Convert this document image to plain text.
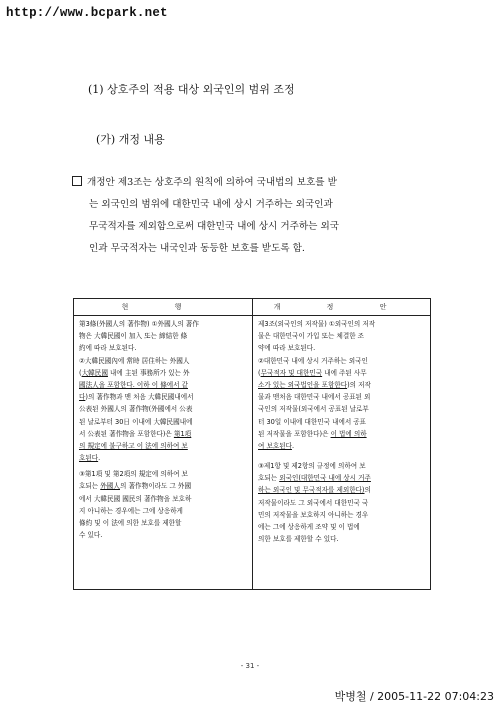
http://www.bcpark.net
(1) 상호주의 적용 대상 외국인의 범위 조정
(가) 개정 내용
개정안 제3조는 상호주의 원칙에 의하여 국내법의 보호를 받
는 외국인의 범위에 대한민국 내에 상시 거주하는 외국인과
무국적자를 제외함으로써 대한민국 내에 상시 거주하는 외국
인과 무국적자는 내국인과 동등한 보호를 받도록 함.
현 행	개 정 안
第3條(外國人의 著作物) ①外國人의 著作
物은 大韓民國이 加入 또는 締結한 條
約에 따라 보호된다.
②大韓民國內에 常時 居住하는 外國人
(大韓民國 내에 主된 事務所가 있는 外
國法人을 포함한다. 이하 이 條에서 같
다)의 著作物과 맨 처음 大韓民國내에서
公表된 外國人의 著作物(外國에서 公表
된 날로부터 30日 이내에 大韓民國내에
서 公表된 著作物을 포함한다)은 第1項
의 規定에 불구하고 이 法에 의하여 보
호된다.
③第1項 및 第2項의 規定에 의하여 보
호되는 外國人의 著作物이라도 그 外國
에서 大韓民國 國民의 著作物을 보호하
지 아니하는 경우에는 그에 상응하게
條約 및 이 法에 의한 보호를 제한할
수 있다.
제3조(외국인의 저작물) ①외국인의 저작
물은 대한민국이 가입 또는 체결한 조
약에 따라 보호된다.
②대한민국 내에 상시 거주하는 외국인
(무국적자 및 대한민국 내에 주된 사무
소가 있는 외국법인을 포함한다)의 저작
물과 맨처음 대한민국 내에서 공표된 외
국인의 저작물(외국에서 공표된 날로부
터 30일 이내에 대한민국 내에서 공표
된 저작물을 포함한다)은 이 법에 의하
여 보호된다.
③제1항 및 제2항의 규정에 의하여 보
호되는 외국인(대한민국 내에 상시 거주
하는 외국인 및 무국적자를 제외한다)의
저작물이라도 그 외국에서 대한민국 국
민의 저작물을 보호하지 아니하는 경우
에는 그에 상응하게 조약 및 이 법에
의한 보호를 제한할 수 있다.
- 31 -
박병철 / 2005-11-22 07:04:23
